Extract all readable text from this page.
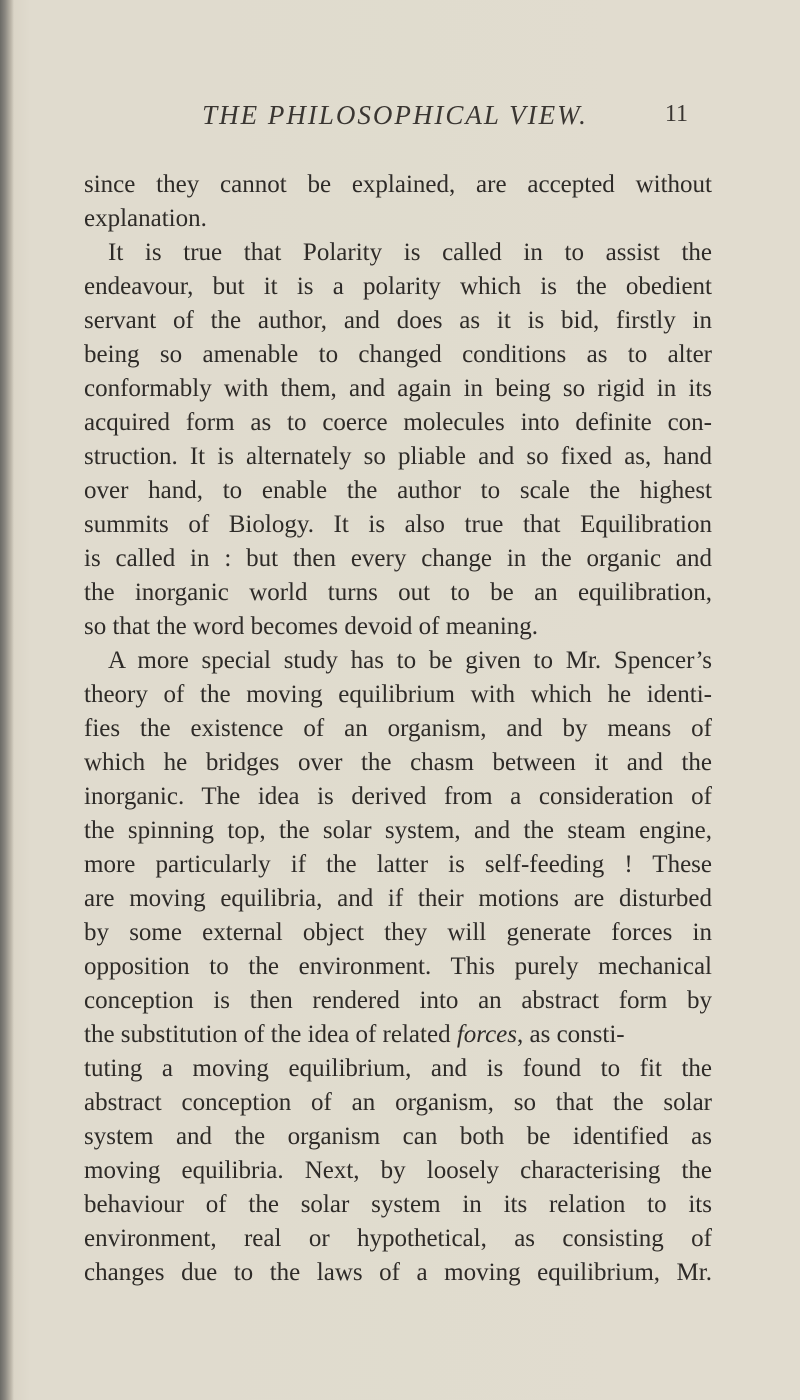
THE PHILOSOPHICAL VIEW.	11
since they cannot be explained, are accepted without
explanation.
It is true that Polarity is called in to assist the
endeavour, but it is a polarity which is the obedient
servant of the author, and does as it is bid, firstly in
being so amenable to changed conditions as to alter
conformably with them, and again in being so rigid in its
acquired form as to coerce molecules into definite con-
struction. It is alternately so pliable and so fixed as, hand
over hand, to enable the author to scale the highest
summits of Biology. It is also true that Equilibration
is called in : but then every change in the organic and
the inorganic world turns out to be an equilibration,
so that the word becomes devoid of meaning.
A more special study has to be given to Mr. Spencer’s
theory of the moving equilibrium with which he identi-
fies the existence of an organism, and by means of
which he bridges over the chasm between it and the
inorganic. The idea is derived from a consideration of
the spinning top, the solar system, and the steam engine,
more particularly if the latter is self-feeding ! These
are moving equilibria, and if their motions are disturbed
by some external object they will generate forces in
opposition to the environment. This purely mechanical
conception is then rendered into an abstract form by
the substitution of the idea of related forces, as consti-
tuting a moving equilibrium, and is found to fit the
abstract conception of an organism, so that the solar
system and the organism can both be identified as
moving equilibria. Next, by loosely characterising the
behaviour of the solar system in its relation to its
environment, real or hypothetical, as consisting of
changes due to the laws of a moving equilibrium, Mr.
